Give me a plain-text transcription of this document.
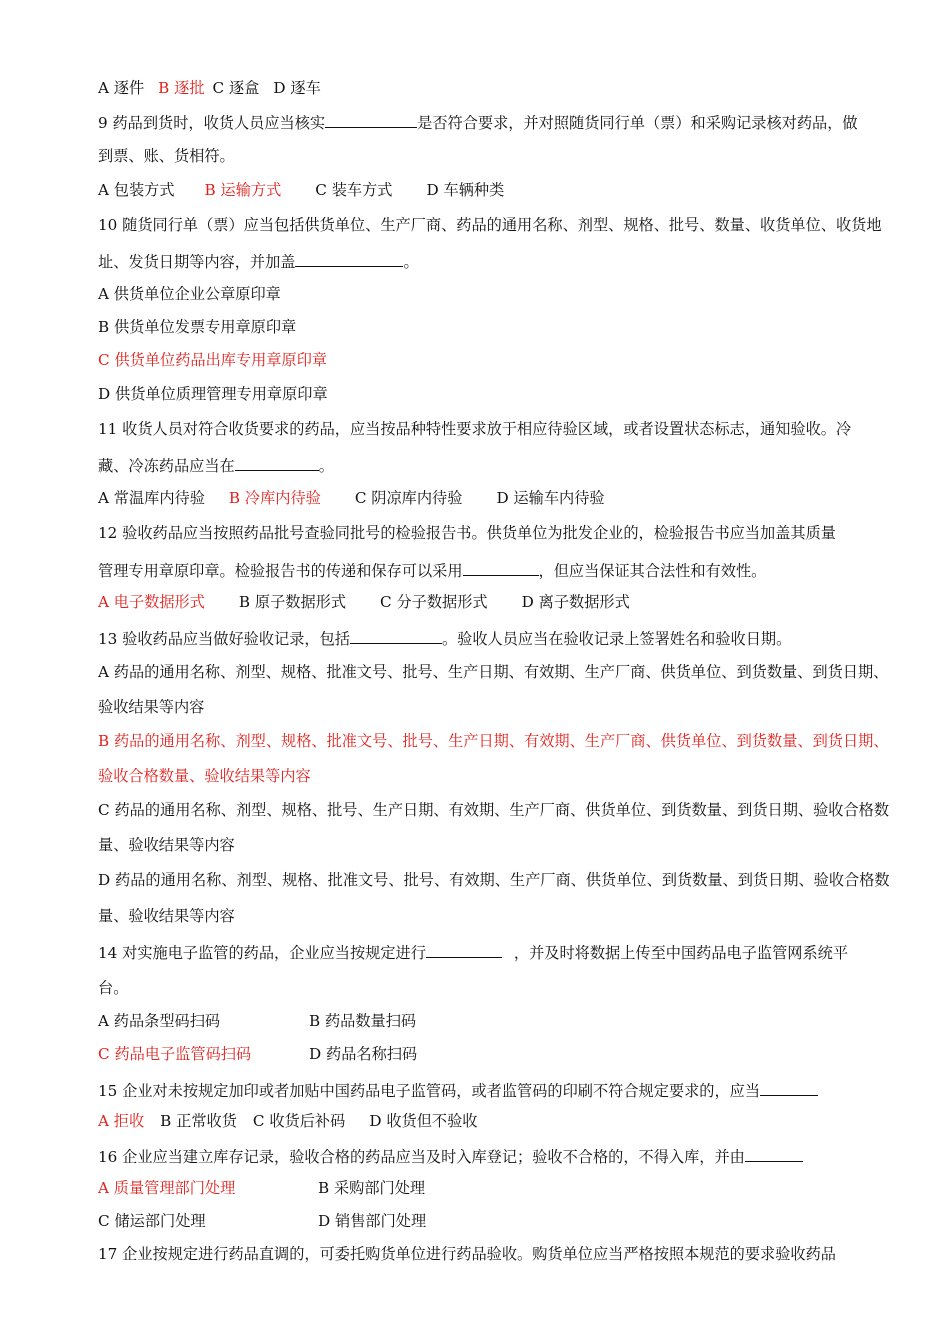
A 逐件 B 逐批 C 逐盒 D 逐车
9 药品到货时，收货人员应当核实	是否符合要求，并对照随货同行单（票）和采购记录核对药品，做
到票、账、货相符。
A 包装方式 B 运输方式 C 装车方式 D 车辆种类
10 随货同行单（票）应当包括供货单位、生产厂商、药品的通用名称、剂型、规格、批号、数量、收货单位、收货地
址、发货日期等内容，并加盖	。
A 供货单位企业公章原印章
B 供货单位发票专用章原印章
C 供货单位药品出库专用章原印章
D 供货单位质理管理专用章原印章
11 收货人员对符合收货要求的药品，应当按品种特性要求放于相应待验区域，或者设置状态标志，通知验收。冷
藏、冷冻药品应当在	。
A 常温库内待验 B 冷库内待验 C 阴凉库内待验 D 运输车内待验
12 验收药品应当按照药品批号查验同批号的检验报告书。供货单位为批发企业的，检验报告书应当加盖其质量
管理专用章原印章。检验报告书的传递和保存可以采用	，但应当保证其合法性和有效性。
A 电子数据形式 B 原子数据形式 C 分子数据形式 D 离子数据形式
13 验收药品应当做好验收记录，包括	。验收人员应当在验收记录上签署姓名和验收日期。
A 药品的通用名称、剂型、规格、批准文号、批号、生产日期、有效期、生产厂商、供货单位、到货数量、到货日期、
验收结果等内容
B 药品的通用名称、剂型、规格、批准文号、批号、生产日期、有效期、生产厂商、供货单位、到货数量、到货日期、
验收合格数量、验收结果等内容
C 药品的通用名称、剂型、规格、批号、生产日期、有效期、生产厂商、供货单位、到货数量、到货日期、验收合格数
量、验收结果等内容
D 药品的通用名称、剂型、规格、批准文号、批号、有效期、生产厂商、供货单位、到货数量、到货日期、验收合格数
量、验收结果等内容
14 对实施电子监管的药品，企业应当按规定进行	，并及时将数据上传至中国药品电子监管网系统平
台。
A 药品条型码扫码	B 药品数量扫码
C 药品电子监管码扫码	D 药品名称扫码
15 企业对未按规定加印或者加贴中国药品电子监管码，或者监管码的印刷不符合规定要求的，应当
A 拒收 B 正常收货 C 收货后补码 D 收货但不验收
16 企业应当建立库存记录，验收合格的药品应当及时入库登记；验收不合格的，不得入库，并由
A 质量管理部门处理	B 采购部门处理
C 储运部门处理	D 销售部门处理
17 企业按规定进行药品直调的，可委托购货单位进行药品验收。购货单位应当严格按照本规范的要求验收药品
